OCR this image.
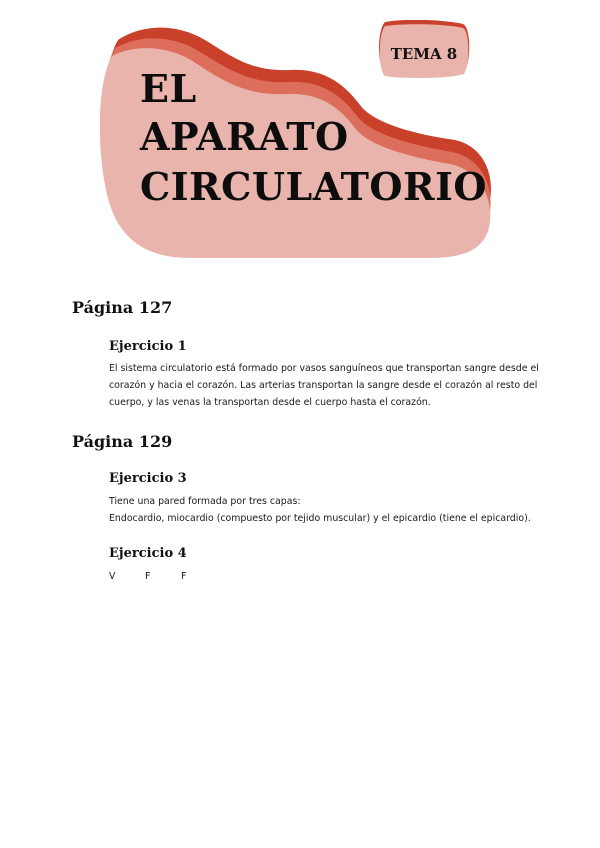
TEMA 8
EL
APARATO
CIRCULATORIO
Página 127
Ejercicio 1
El sistema circulatorio está formado por vasos sanguíneos que transportan sangre desde el
corazón y hacia el corazón. Las arterias transportan la sangre desde el corazón al resto del
cuerpo, y las venas la transportan desde el cuerpo hasta el corazón.
Página 129
Ejercicio 3
Tiene una pared formada por tres capas:
Endocardio, miocardio (compuesto por tejido muscular) y el epicardio (tiene el epicardio).
Ejercicio 4
V	F	F
